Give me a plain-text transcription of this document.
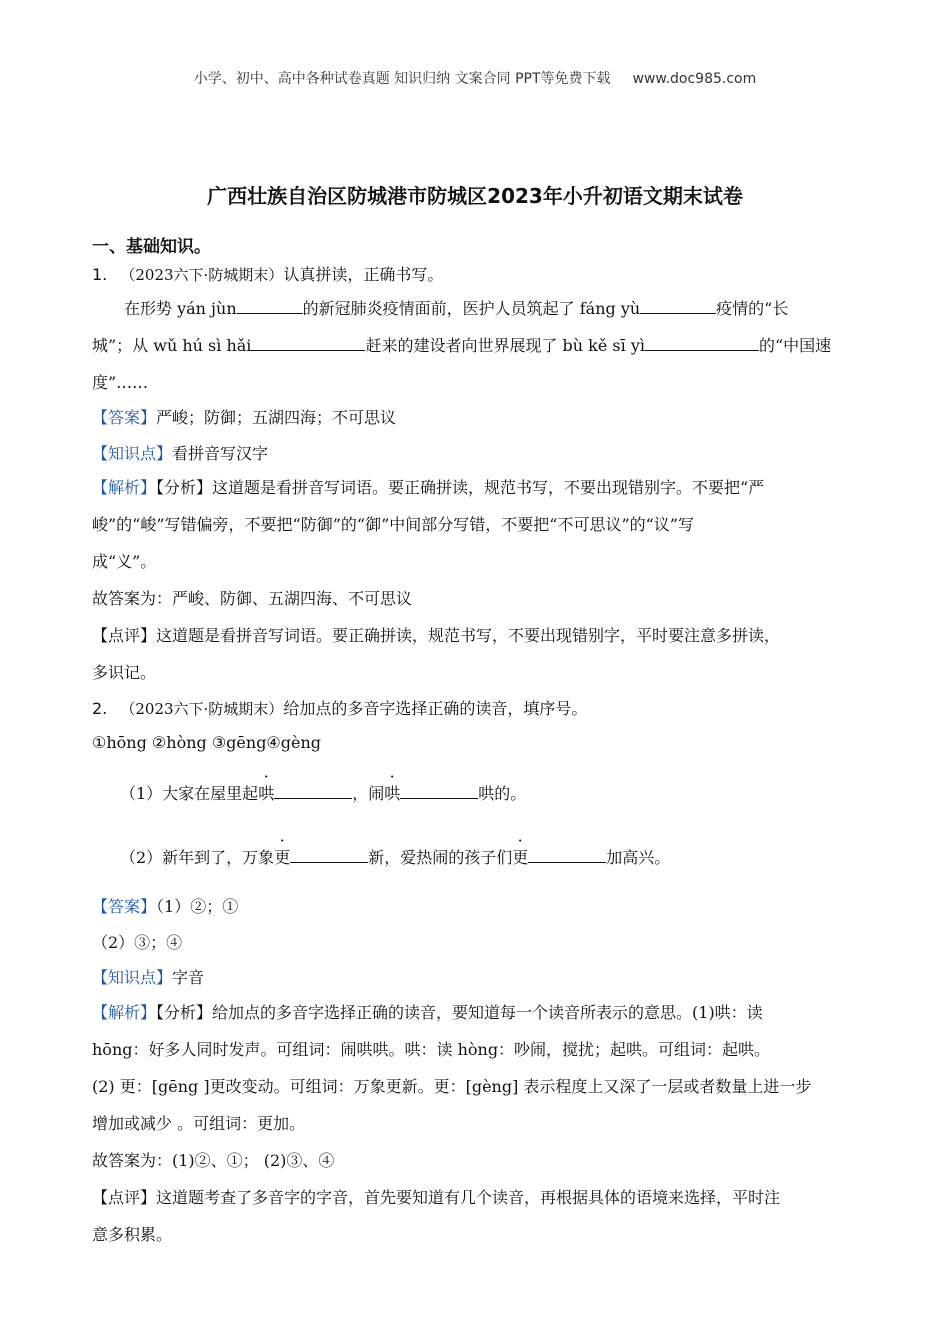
小学、初中、高中各种试卷真题 知识归纳 文案合同 PPT等免费下载 www.doc985.com
广西壮族自治区防城港市防城区2023年小升初语文期末试卷
一、基础知识。
1. （2023六下·防城期末）认真拼读，正确书写。
在形势 yán jùn	的新冠肺炎疫情面前，医护人员筑起了 fáng yù	疫情的“长
城”；从 wǔ hú sì hǎi	赶来的建设者向世界展现了 bù kě sī yì	的“中国速
度”……
【答案】严峻；防御；五湖四海；不可思议
【知识点】看拼音写汉字
【解析】【分析】这道题是看拼音写词语。要正确拼读，规范书写，不要出现错别字。不要把“严
峻”的“峻”写错偏旁，不要把“防御”的“御”中间部分写错，不要把“不可思议”的“议”写
成“义”。
故答案为：严峻、防御、五湖四海、不可思议
【点评】这道题是看拼音写词语。要正确拼读，规范书写，不要出现错别字，平时要注意多拼读，
多识记。
2. （2023六下·防城期末）给加点的多音字选择正确的读音，填序号。
①hōng ②hòng ③gēng④gèng
（1）大家在屋里起哄	，闹哄	哄的。
（2）新年到了，万象更	新，爱热闹的孩子们更	加高兴。
【答案】（1）②；①
（2）③；④
【知识点】字音
【解析】【分析】给加点的多音字选择正确的读音，要知道每一个读音所表示的意思。(1)哄：读
hōng：好多人同时发声。可组词：闹哄哄。哄：读 hòng：吵闹，搅扰；起哄。可组词：起哄。
(2) 更：[gēng ]更改变动。可组词：万象更新。更：[gèng] 表示程度上又深了一层或者数量上进一步
增加或减少 。可组词：更加。
故答案为：(1)②、①； (2)③、④
【点评】这道题考查了多音字的字音，首先要知道有几个读音，再根据具体的语境来选择，平时注
意多积累。
